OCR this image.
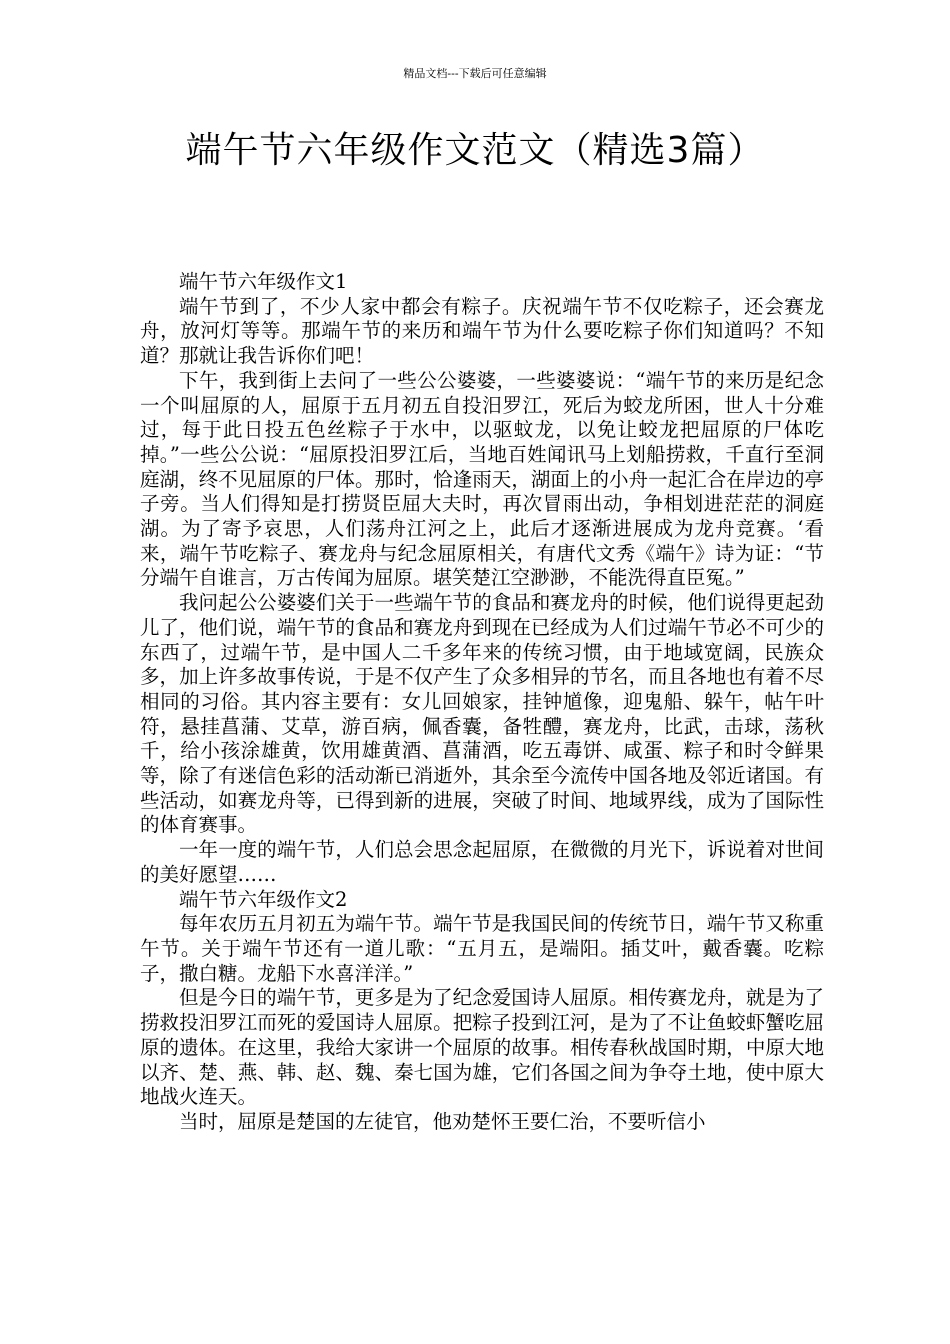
精品文档---下载后可任意编辑
端午节六年级作文范文（精选3篇）
端午节六年级作文1

端午节到了，不少人家中都会有粽子。庆祝端午节不仅吃粽子，还会赛龙舟，放河灯等等。那端午节的来历和端午节为什么要吃粽子你们知道吗？不知道？那就让我告诉你们吧！

下午，我到街上去问了一些公公婆婆，一些婆婆说：“端午节的来历是纪念一个叫屈原的人，屈原于五月初五自投汨罗江，死后为蛟龙所困，世人十分难过，每于此日投五色丝粽子于水中，以驱蚊龙，以免让蛟龙把屈原的尸体吃掉。”一些公公说：“屈原投汨罗江后，当地百姓闻讯马上划船捞救，千直行至洞庭湖，终不见屈原的尸体。那时，恰逢雨天，湖面上的小舟一起汇合在岸边的亭子旁。当人们得知是打捞贤臣屈大夫时，再次冒雨出动，争相划进茫茫的洞庭湖。为了寄予哀思，人们荡舟江河之上，此后才逐渐进展成为龙舟竞赛。‘看来，端午节吃粽子、赛龙舟与纪念屈原相关，有唐代文秀《端午》诗为证：“节分端午自谁言，万古传闻为屈原。堪笑楚江空渺渺，不能洗得直臣冤。”

我问起公公婆婆们关于一些端午节的食品和赛龙舟的时候，他们说得更起劲儿了，他们说，端午节的食品和赛龙舟到现在已经成为人们过端午节必不可少的东西了，过端午节，是中国人二千多年来的传统习惯，由于地域宽阔，民族众多，加上许多故事传说，于是不仅产生了众多相异的节名，而且各地也有着不尽相同的习俗。其内容主要有：女儿回娘家，挂钟馗像，迎鬼船、躲午，帖午叶符，悬挂菖蒲、艾草，游百病，佩香囊，备牲醴，赛龙舟，比武，击球，荡秋千，给小孩涂雄黄，饮用雄黄酒、菖蒲酒，吃五毒饼、咸蛋、粽子和时令鲜果等，除了有迷信色彩的活动渐已消逝外，其余至今流传中国各地及邻近诸国。有些活动，如赛龙舟等，已得到新的进展，突破了时间、地域界线，成为了国际性的体育赛事。

一年一度的端午节，人们总会思念起屈原，在微微的月光下，诉说着对世间的美好愿望……

端午节六年级作文2

每年农历五月初五为端午节。端午节是我国民间的传统节日，端午节又称重午节。关于端午节还有一道儿歌：“五月五，是端阳。插艾叶，戴香囊。吃粽子，撒白糖。龙船下水喜洋洋。”

但是今日的端午节，更多是为了纪念爱国诗人屈原。相传赛龙舟，就是为了捞救投汨罗江而死的爱国诗人屈原。把粽子投到江河，是为了不让鱼蛟虾蟹吃屈原的遗体。在这里，我给大家讲一个屈原的故事。相传春秋战国时期，中原大地以齐、楚、燕、韩、赵、魏、秦七国为雄，它们各国之间为争夺土地，使中原大地战火连天。

当时，屈原是楚国的左徒官，他劝楚怀王要仁治，不要听信小
